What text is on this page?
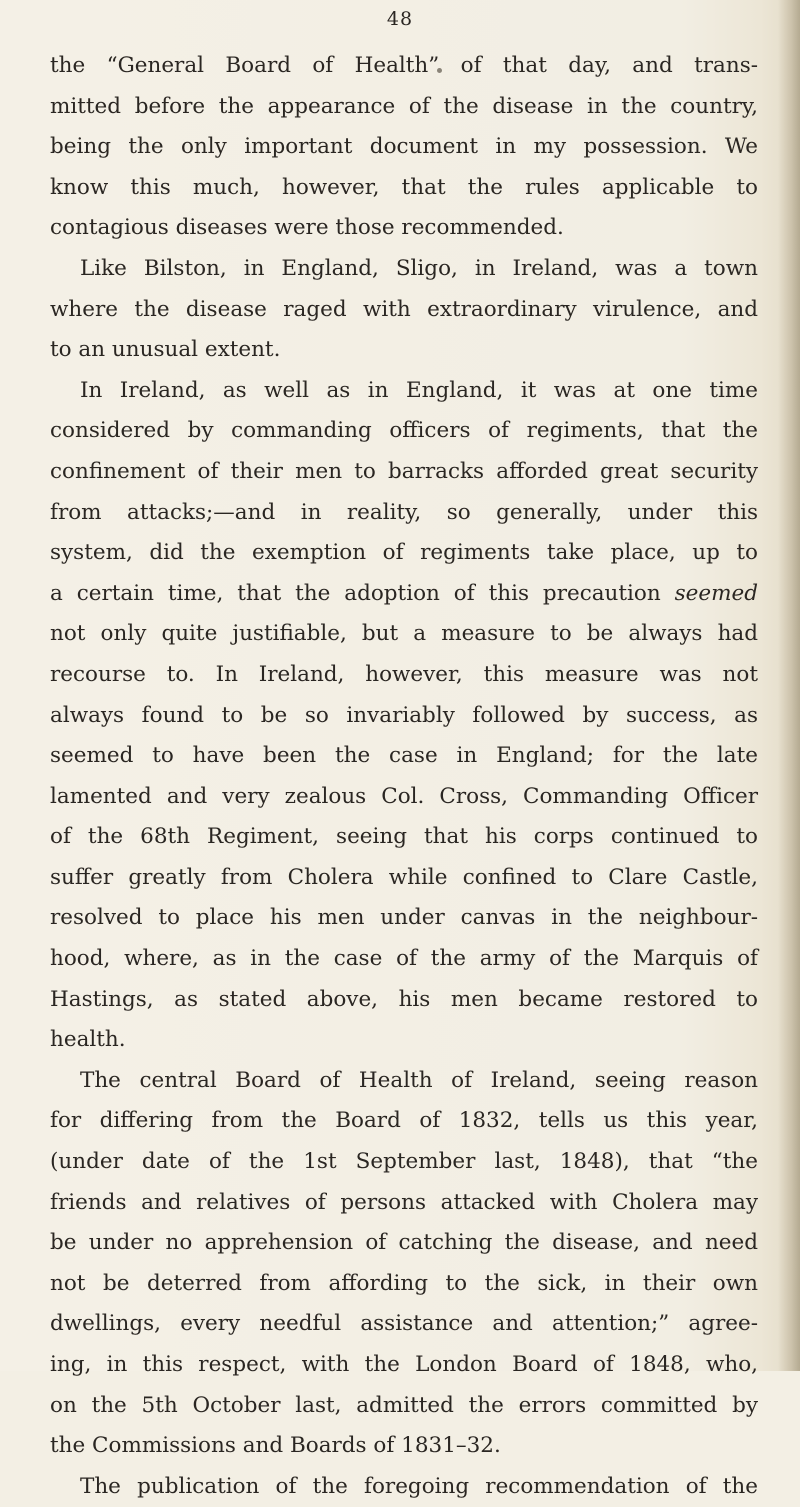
48
the “General Board of Health” of that day, and trans-
mitted before the appearance of the disease in the country,
being the only important document in my possession. We
know this much, however, that the rules applicable to
contagious diseases were those recommended.
Like Bilston, in England, Sligo, in Ireland, was a town
where the disease raged with extraordinary virulence, and
to an unusual extent.
In Ireland, as well as in England, it was at one time
considered by commanding officers of regiments, that the
confinement of their men to barracks afforded great security
from attacks;—and in reality, so generally, under this
system, did the exemption of regiments take place, up to
a certain time, that the adoption of this precaution seemed
not only quite justifiable, but a measure to be always had
recourse to. In Ireland, however, this measure was not
always found to be so invariably followed by success, as
seemed to have been the case in England; for the late
lamented and very zealous Col. Cross, Commanding Officer
of the 68th Regiment, seeing that his corps continued to
suffer greatly from Cholera while confined to Clare Castle,
resolved to place his men under canvas in the neighbour-
hood, where, as in the case of the army of the Marquis of
Hastings, as stated above, his men became restored to
health.
The central Board of Health of Ireland, seeing reason
for differing from the Board of 1832, tells us this year,
(under date of the 1st September last, 1848), that “the
friends and relatives of persons attacked with Cholera may
be under no apprehension of catching the disease, and need
not be deterred from affording to the sick, in their own
dwellings, every needful assistance and attention;” agree-
ing, in this respect, with the London Board of 1848, who,
on the 5th October last, admitted the errors committed by
the Commissions and Boards of 1831–32.
The publication of the foregoing recommendation of the
